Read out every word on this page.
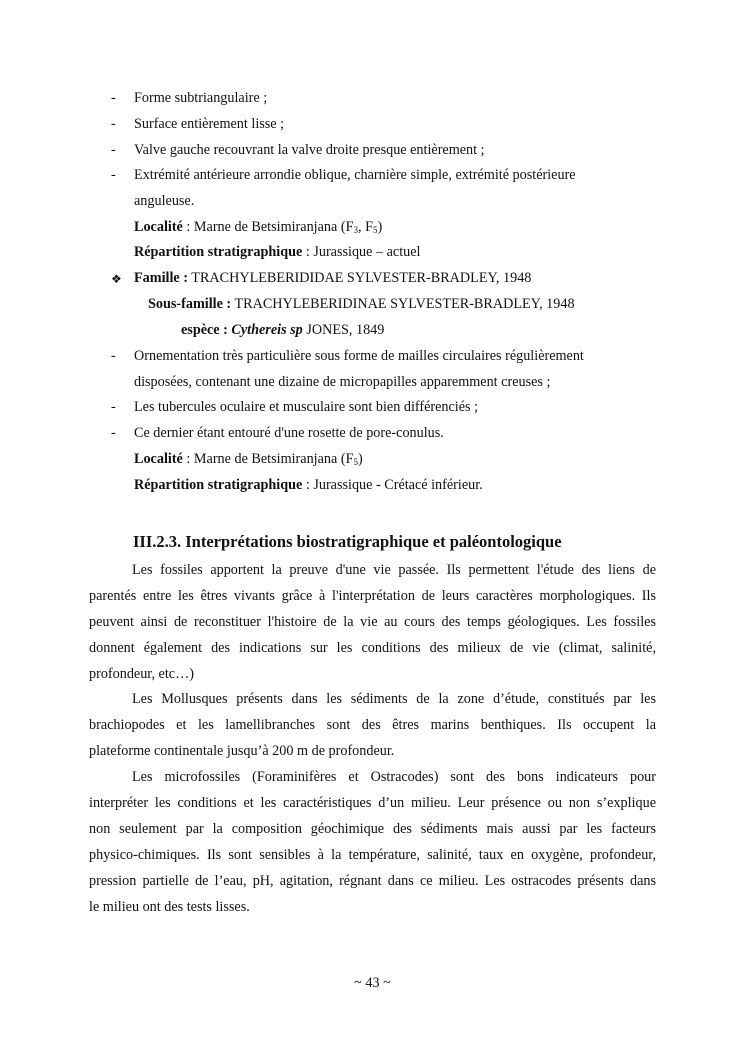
- Forme subtriangulaire ;
- Surface entièrement lisse ;
- Valve gauche recouvrant la valve droite presque entièrement ;
- Extrémité antérieure arrondie oblique, charnière simple, extrémité postérieure
anguleuse.
Localité : Marne de Betsimiranjana ($F_3$, $F_5$)
Répartition stratigraphique : Jurassique – actuel
❖ Famille : TRACHYLEBERIDIDAE SYLVESTER-BRADLEY, 1948
Sous-famille : TRACHYLEBERIDINAE SYLVESTER-BRADLEY, 1948
espèce : Cythereis sp JONES, 1849
- Ornementation très particulière sous forme de mailles circulaires régulièrement
disposées, contenant une dizaine de micropapilles apparemment creuses ;
- Les tubercules oculaire et musculaire sont bien différenciés ;
- Ce dernier étant entouré d'une rosette de pore-conulus.
Localité : Marne de Betsimiranjana $(F_5)$
Répartition stratigraphique : Jurassique - Crétacé inférieur.
III.2.3. Interprétations biostratigraphique et paléontologique
Les fossiles apportent la preuve d'une vie passée. Ils permettent l'étude des liens de
parentés entre les êtres vivants grâce à l'interprétation de leurs caractères morphologiques. Ils
peuvent ainsi de reconstituer l'histoire de la vie au cours des temps géologiques. Les fossiles
donnent également des indications sur les conditions des milieux de vie (climat, salinité,
profondeur, etc…)
Les Mollusques présents dans les sédiments de la zone d’étude, constitués par les
brachiopodes et les lamellibranches sont des êtres marins benthiques. Ils occupent la
plateforme continentale jusqu’à 200 m de profondeur.
Les microfossiles (Foraminifères et Ostracodes) sont des bons indicateurs pour
interpréter les conditions et les caractéristiques d’un milieu. Leur présence ou non s’explique
non seulement par la composition géochimique des sédiments mais aussi par les facteurs
physico-chimiques. Ils sont sensibles à la température, salinité, taux en oxygène, profondeur,
pression partielle de l’eau, pH, agitation, régnant dans ce milieu. Les ostracodes présents dans
le milieu ont des tests lisses.
~ 43 ~
